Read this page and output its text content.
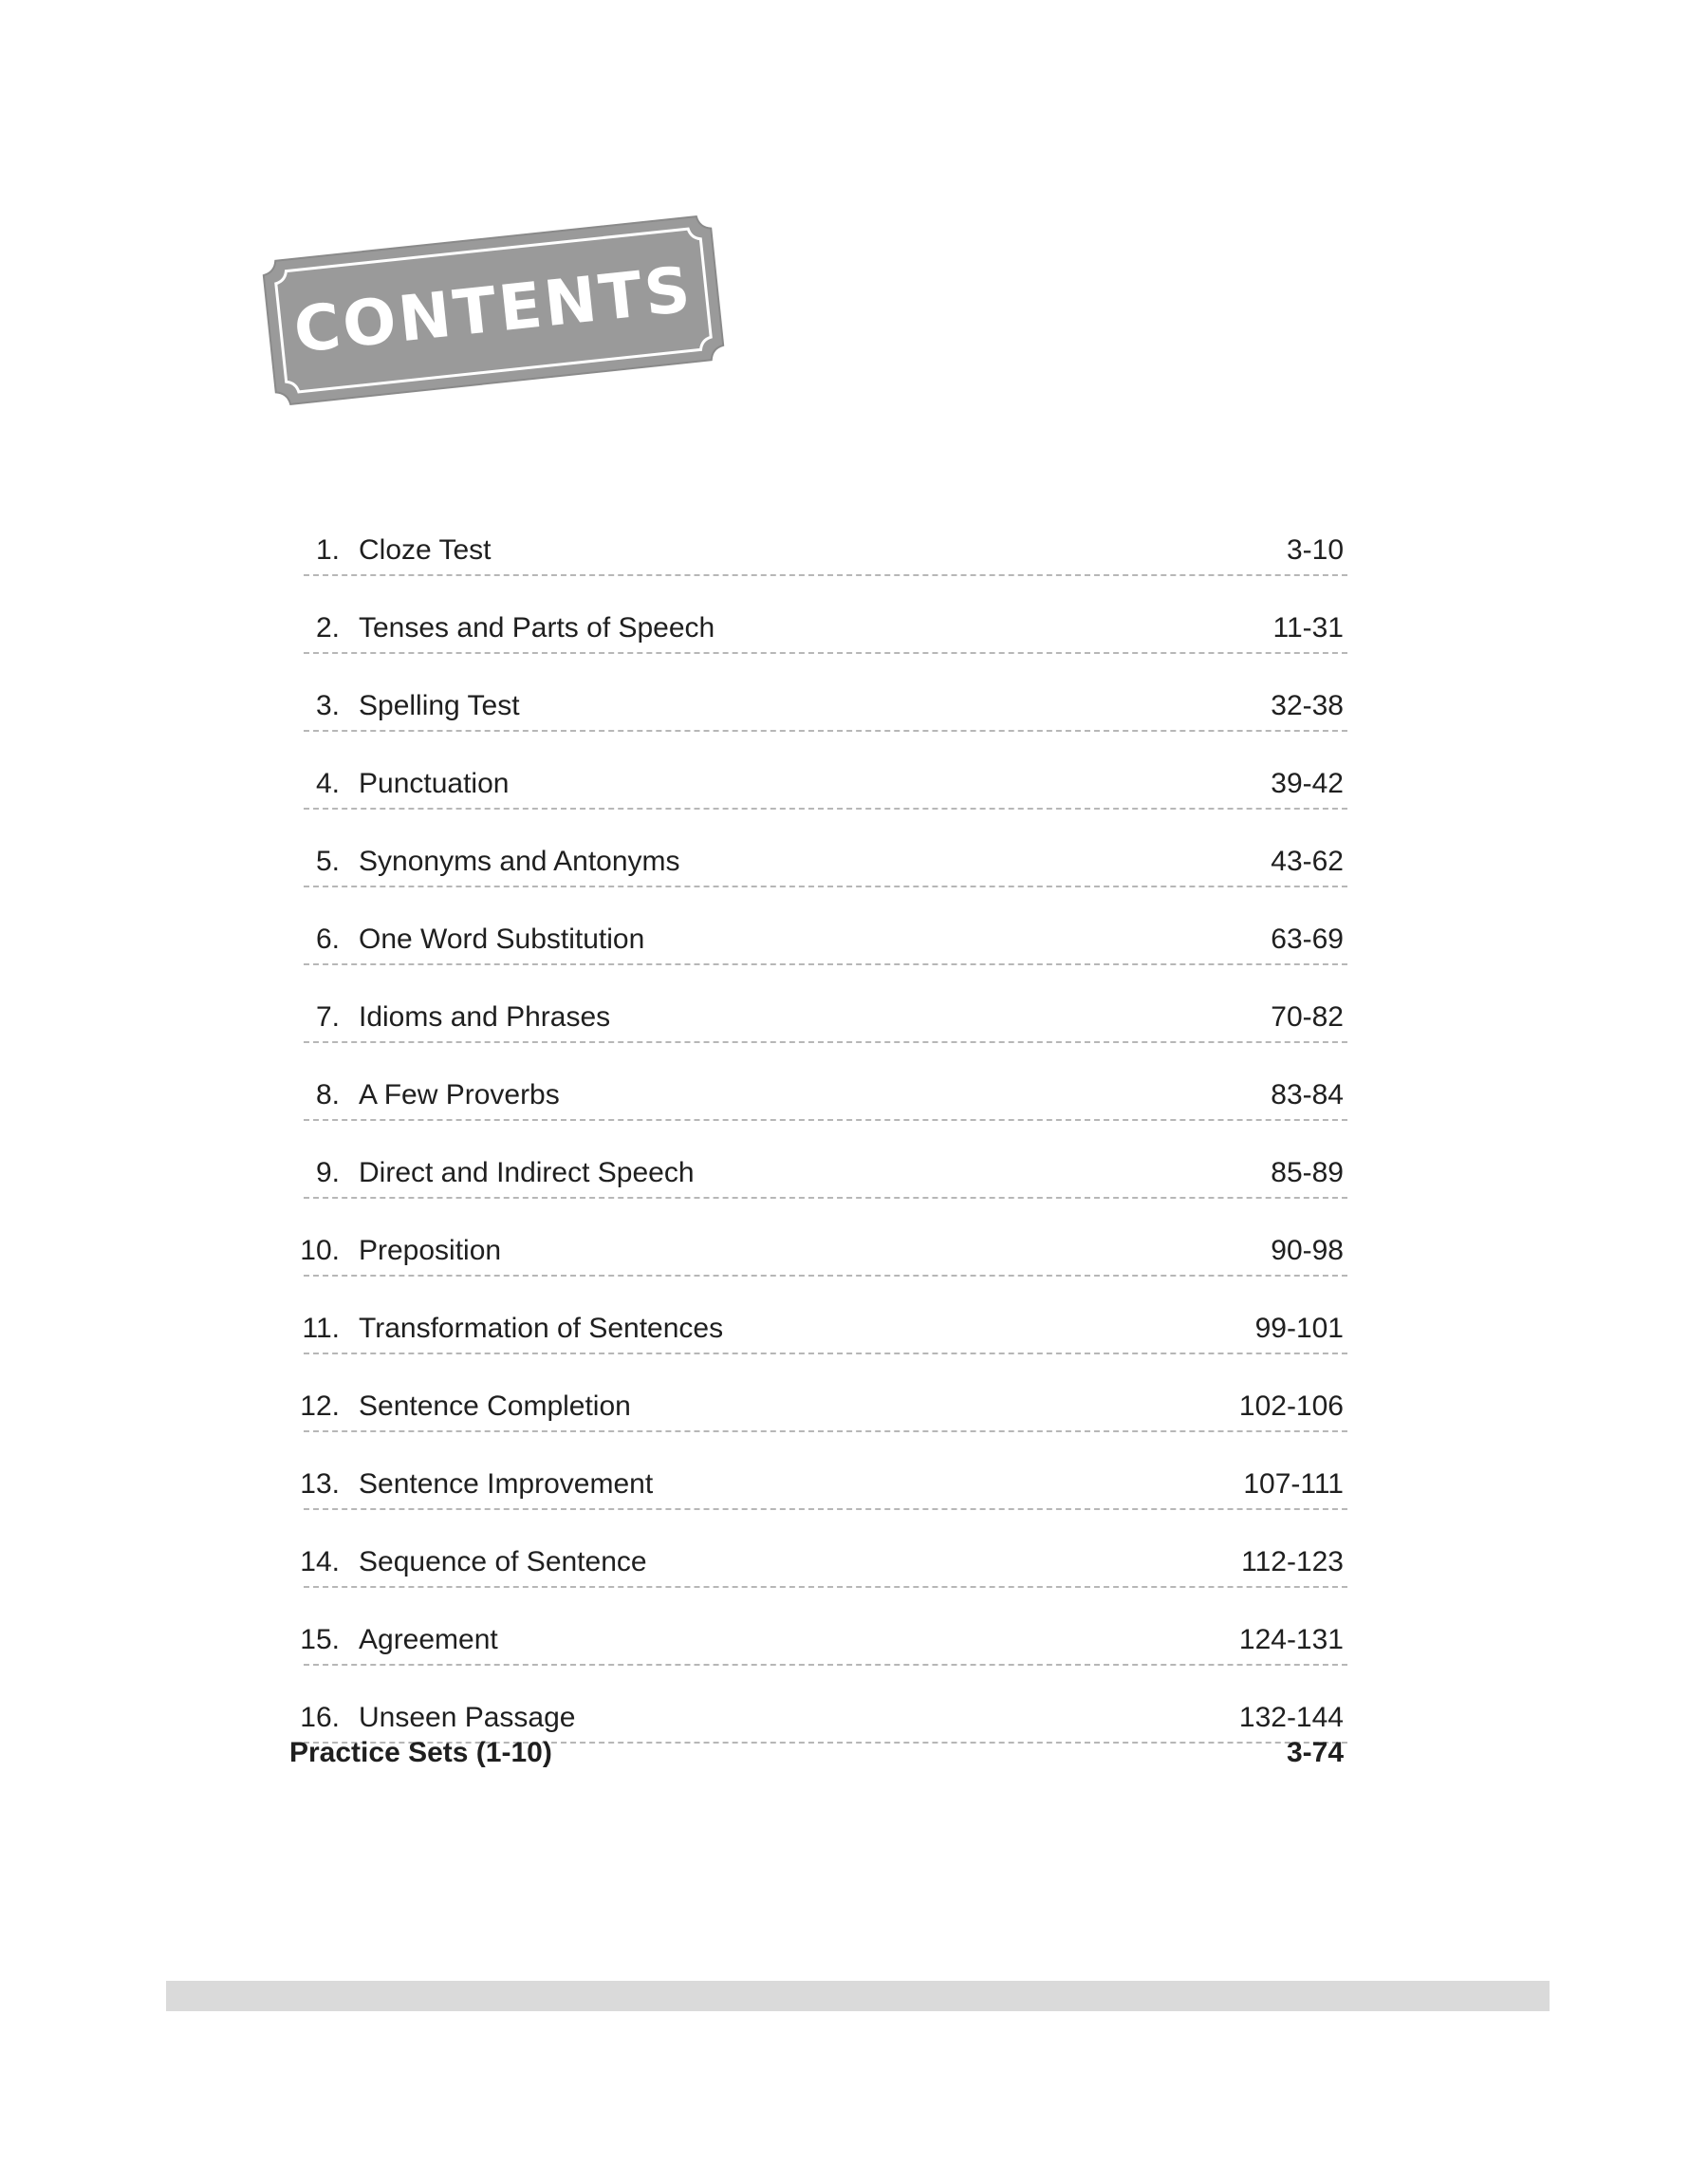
CONTENTS
1. Cloze Test	3-10
2. Tenses and Parts of Speech	11-31
3. Spelling Test	32-38
4. Punctuation	39-42
5. Synonyms and Antonyms	43-62
6. One Word Substitution	63-69
7. Idioms and Phrases	70-82
8. A Few Proverbs	83-84
9. Direct and Indirect Speech	85-89
10. Preposition	90-98
11. Transformation of Sentences	99-101
12. Sentence Completion	102-106
13. Sentence Improvement	107-111
14. Sequence of Sentence	112-123
15. Agreement	124-131
16. Unseen Passage	132-144
Practice Sets (1-10)	3-74
